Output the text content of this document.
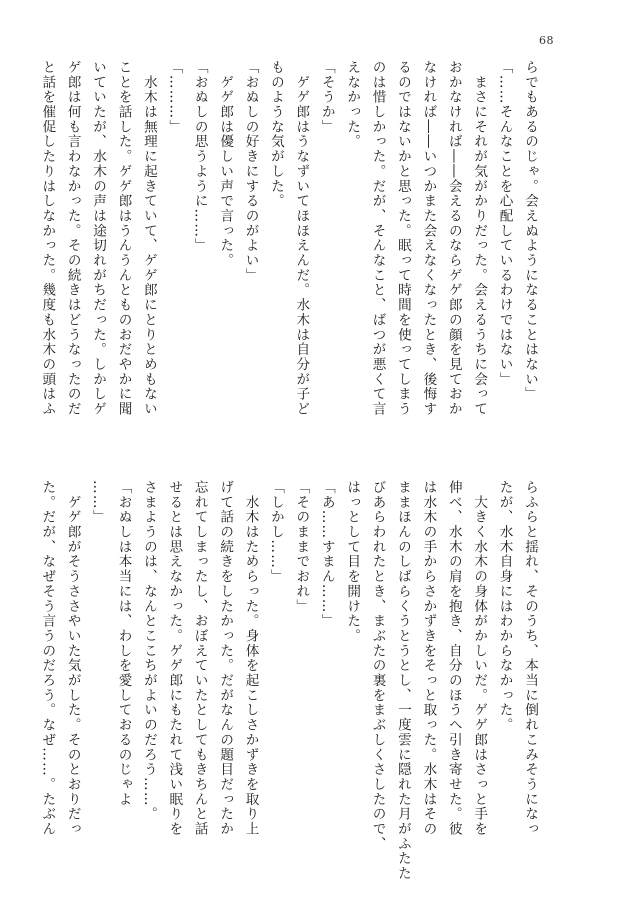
68
らでもあるのじゃ。会えぬようになることはない」
「……そんなことを心配しているわけではない」
　まさにそれが気がかりだった。会えるうちに会って
おかなければ――会えるのならゲゲ郎の顔を見ておか
なければ――いつかまた会えなくなったとき、後悔す
るのではないかと思った。眠って時間を使ってしまう
のは惜しかった。だが、そんなこと、ばつが悪くて言
えなかった。
「そうか」
　ゲゲ郎はうなずいてほほえんだ。水木は自分が子ど
ものような気がした。
「おぬしの好きにするのがよい」
　ゲゲ郎は優しい声で言った。
「おぬしの思うように……」
「………」
　水木は無理に起きていて、ゲゲ郎にとりとめもない
ことを話した。ゲゲ郎はうんうんとものおだやかに聞
いていたが、水木の声は途切れがちだった。しかしゲ
ゲ郎は何も言わなかった。その続きはどうなったのだ
と話を催促したりはしなかった。幾度も水木の頭はふ
らふらと揺れ、そのうち、本当に倒れこみそうになっ
たが、水木自身にはわからなかった。
　大きく水木の身体がかしいだ。ゲゲ郎はさっと手を
伸べ、水木の肩を抱き、自分のほうへ引き寄せた。彼
は水木の手からさかずきをそっと取った。水木はその
ままほんのしばらくうとうとし、一度雲に隠れた月がふたた
びあらわれたとき、まぶたの裏をまぶしくさしたので、
はっとして目を開けた。
「あ……すまん……」
「そのままでおれ」
「しかし……」
　水木はためらった。身体を起こしさかずきを取り上
げて話の続きをしたかった。だがなんの題目だったか
忘れてしまったし、おぼえていたとしてもきちんと話
せるとは思えなかった。ゲゲ郎にもたれて浅い眠りを
さまようのは、なんとここちがよいのだろう……。
「おぬしは本当には、わしを愛しておるのじゃよ
……」
　ゲゲ郎がそうささやいた気がした。そのとおりだっ
た。だが、なぜそう言うのだろう。なぜ……。たぶん
